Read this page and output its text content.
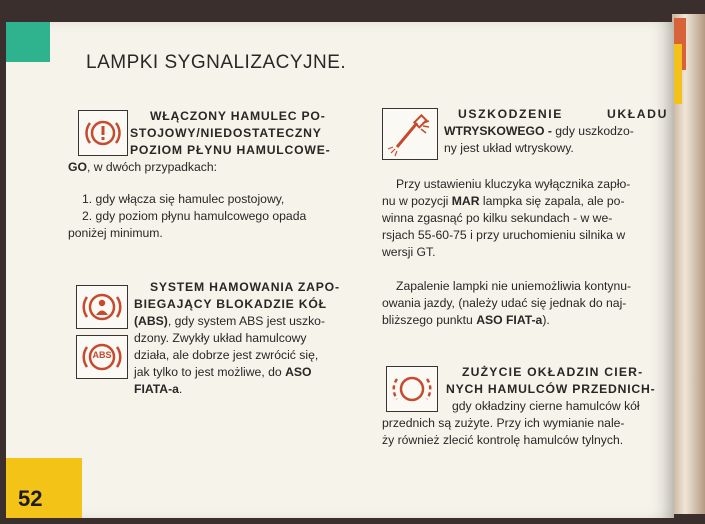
52
LAMPKI SYGNALIZACYJNE.
WŁĄCZONY HAMULEC PO-
STOJOWY/NIEDOSTATECZNY
POZIOM PŁYNU HAMULCOWE-

GO, w dwóch przypadkach:

1. gdy włącza się hamulec postojowy,

2. gdy poziom płynu hamulcowego opada

poniżej minimum.

ABS
SYSTEM HAMOWANIA ZAPO-
BIEGAJĄCY BLOKADZIE KÓŁ

(ABS), gdy system ABS jest uszko-

dzony. Zwykły układ hamulcowy

działa, ale dobrze jest zwrócić się,

jak tylko to jest możliwe, do ASO

FIATA-a.

USZKODZENIE	UKŁADU

WTRYSKOWEGO - gdy uszkodzo-

ny jest układ wtryskowy.

Przy ustawieniu kluczyka wyłącznika zapło-

nu w pozycji MAR lampka się zapala, ale po-

winna zgasnąć po kilku sekundach - w we-

rsjach 55-60-75 i przy uruchomieniu silnika w

wersji GT.

Zapalenie lampki nie uniemożliwia kontynu-

owania jazdy, (należy udać się jednak do naj-

bliższego punktu ASO FIAT-a).

ZUŻYCIE OKŁADZIN CIER-
NYCH HAMULCÓW PRZEDNICH-

gdy okładziny cierne hamulców kół

przednich są zużyte. Przy ich wymianie nale-

ży również zlecić kontrolę hamulców tylnych.
